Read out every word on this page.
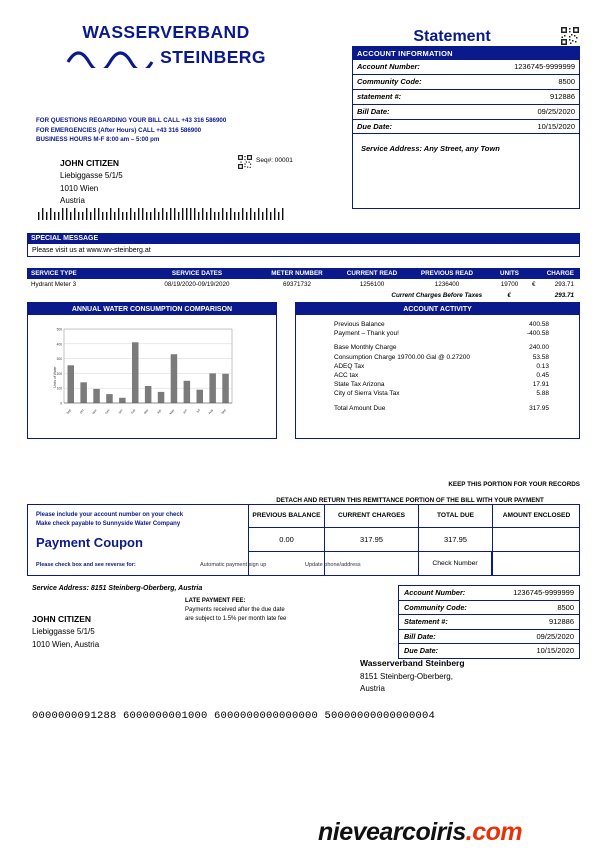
WASSERVERBAND
STEINBERG
Statement
ACCOUNT INFORMATION
Account Number:	1236745-9999999
Community Code:	8500
statement #:	912886
Bill Date:	09/25/2020
Due Date:	10/15/2020
Service Address: Any Street, any Town
FOR QUESTIONS REGARDING YOUR BILL CALL +43 316 586900
FOR EMERGENCIES (After Hours) CALL +43 316 586900
BUSINESS HOURS M-F 8:00 am – 5:00 pm
JOHN CITIZEN
Liebiggasse 5/1/5
1010 Wien
Austria
Seq#: 00001
SPECIAL MESSAGE
Please visit us at www.wv-steinberg.at
SERVICE TYPE	SERVICE DATES	METER NUMBER	CURRENT READ	PREVIOUS READ	UNITS	CHARGE
Hydrant Meter 3	08/19/2020-09/19/2020	69371732	1256100	1236400	19700	€	293.71
Current Charges Before Taxes	€	293.71
ANNUAL WATER CONSUMPTION COMPARISON
Units of Water
0
100
200
300
400
500
Sep Oct Nov Dec Jan Feb Mar Apr May Jun Jul Aug Sep
ACCOUNT ACTIVITY
Previous Balance	400.58
Payment – Thank you!	-400.58
Base Monthly Charge	240.00
Consumption Charge 19700.00 Gal @ 0.27200	53.58
ADEQ Tax	0.13
ACC tax	0.45
State Tax Arizona	17.91
City of Sierra Vista Tax	5.88
Total Amount Due	317.95
KEEP THIS PORTION FOR YOUR RECORDS
DETACH AND RETURN THIS REMITTANCE PORTION OF THE BILL WITH YOUR PAYMENT
Please include your account number on your check
Make check payable to Sunnyside Water Company
Payment Coupon
Please check box and see reverse for:	Automatic payment sign up	Update phone/address
PREVIOUS BALANCE	CURRENT CHARGES	TOTAL DUE	AMOUNT ENCLOSED
0.00	317.95	317.95
Check Number
Service Address: 8151 Steinberg-Oberberg, Austria
LATE PAYMENT FEE:
Payments received after the due date
are subject to 1.5% per month late fee
JOHN CITIZEN
Liebiggasse 5/1/5
1010 Wien, Austria
Account Number:	1236745-9999999
Community Code:	8500
Statement #:	912886
Bill Date:	09/25/2020
Due Date:	10/15/2020
Wasserverband Steinberg
8151 Steinberg-Oberberg,
Austria
0000000091288 6000000001000 6000000000000000 50000000000000004
nievearcoiris.com
